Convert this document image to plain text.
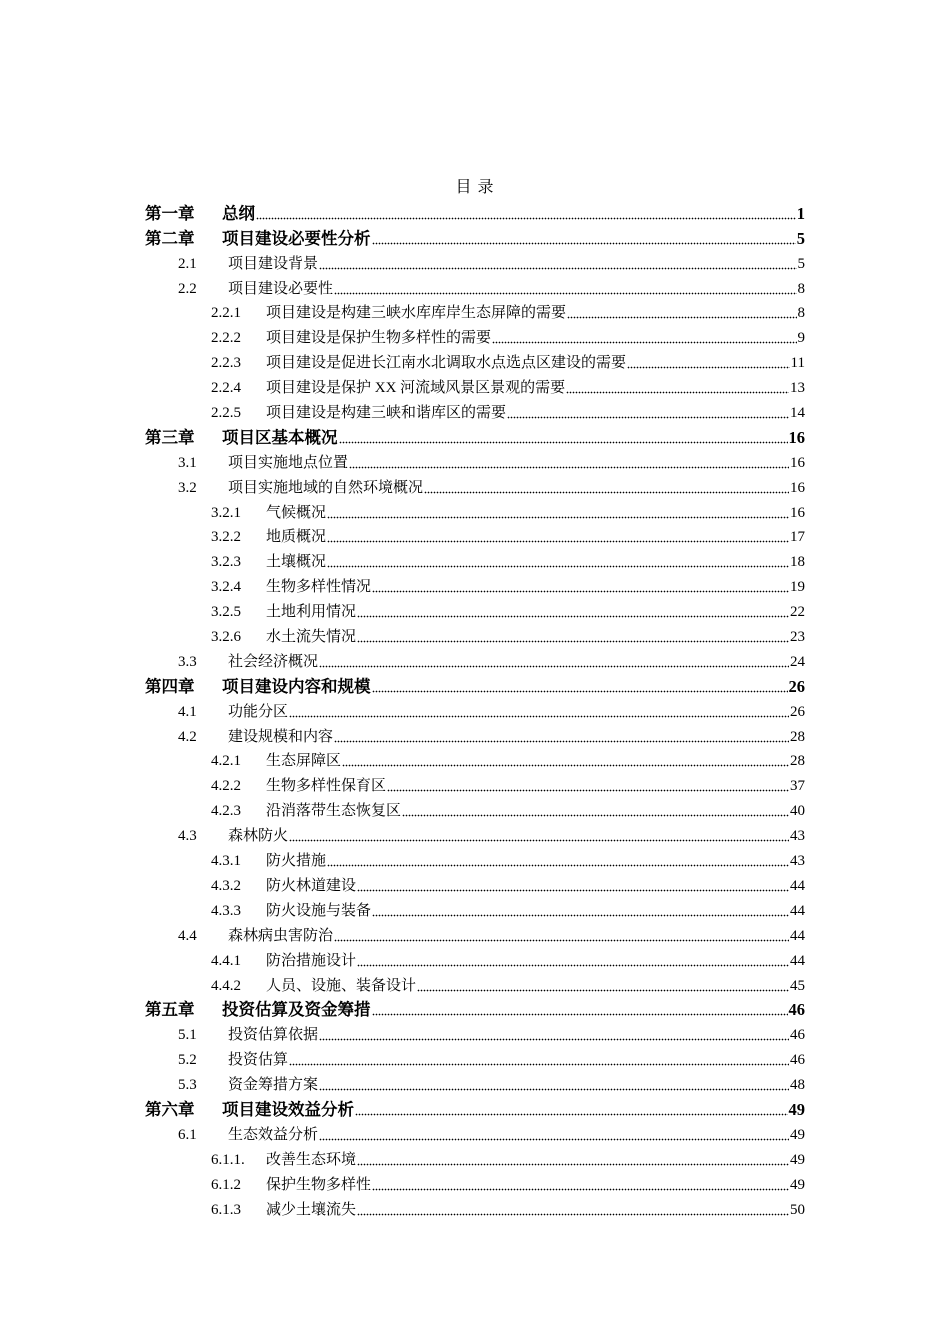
目 录
第一章	总纲	1
第二章	项目建设必要性分析	5
2.1	项目建设背景	5
2.2	项目建设必要性	8
2.2.1	项目建设是构建三峡水库库岸生态屏障的需要	8
2.2.2	项目建设是保护生物多样性的需要	9
2.2.3	项目建设是促进长江南水北调取水点选点区建设的需要	11
2.2.4	项目建设是保护 XX 河流域风景区景观的需要	13
2.2.5	项目建设是构建三峡和谐库区的需要	14
第三章	项目区基本概况	16
3.1	项目实施地点位置	16
3.2	项目实施地域的自然环境概况	16
3.2.1	气候概况	16
3.2.2	地质概况	17
3.2.3	土壤概况	18
3.2.4	生物多样性情况	19
3.2.5	土地利用情况	22
3.2.6	水土流失情况	23
3.3	社会经济概况	24
第四章	项目建设内容和规模	26
4.1	功能分区	26
4.2	建设规模和内容	28
4.2.1	生态屏障区	28
4.2.2	生物多样性保育区	37
4.2.3	沿消落带生态恢复区	40
4.3	森林防火	43
4.3.1	防火措施	43
4.3.2	防火林道建设	44
4.3.3	防火设施与装备	44
4.4	森林病虫害防治	44
4.4.1	防治措施设计	44
4.4.2	人员、设施、装备设计	45
第五章	投资估算及资金筹措	46
5.1	投资估算依据	46
5.2	投资估算	46
5.3	资金筹措方案	48
第六章	项目建设效益分析	49
6.1	生态效益分析	49
6.1.1.	改善生态环境	49
6.1.2	保护生物多样性	49
6.1.3	减少土壤流失	50
